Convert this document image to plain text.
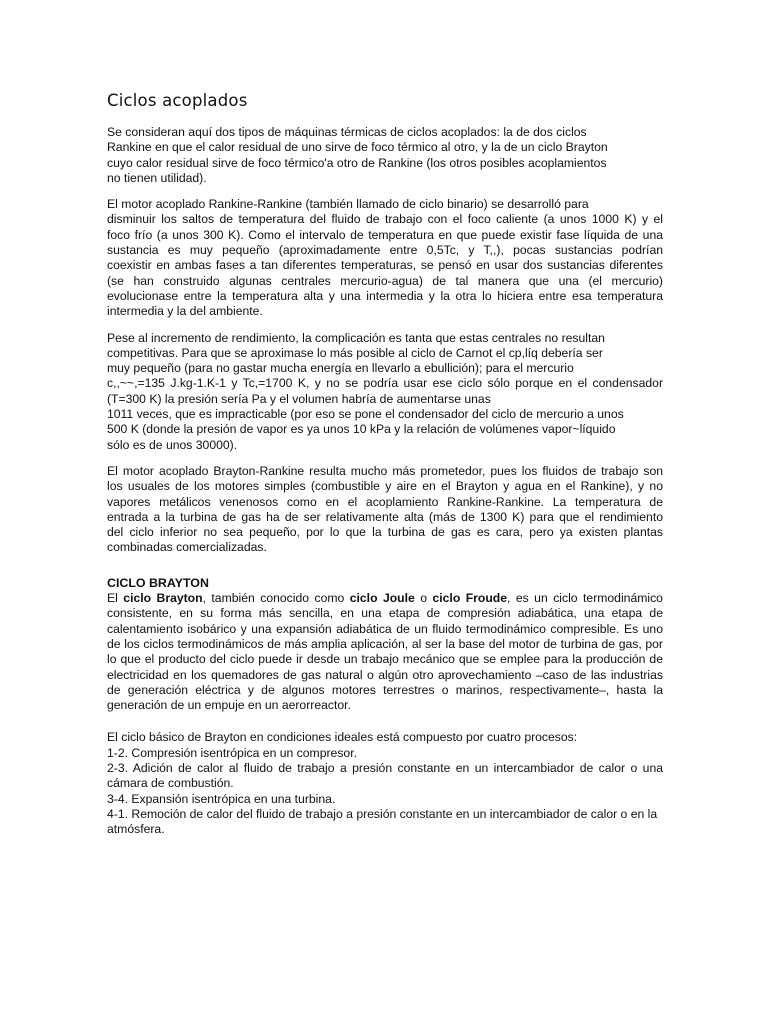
Ciclos acoplados

Se consideran aquí dos tipos de máquinas térmicas de ciclos acoplados: la de dos ciclos
Rankine en que el calor residual de uno sirve de foco térmico al otro, y la de un ciclo Brayton
cuyo calor residual sirve de foco térmico'a otro de Rankine (los otros posibles acoplamientos
no tienen utilidad).

El motor acoplado Rankine-Rankine (también llamado de ciclo binario) se desarrolló para
disminuir los saltos de temperatura del fluido de trabajo con el foco caliente (a unos 1000 K) y el
foco frío (a unos 300 K). Como el intervalo de temperatura en que puede existir fase líquida de una
sustancia es muy pequeño (aproximadamente entre 0,5Tc, y T,,), pocas sustancias podrían
coexistir en ambas fases a tan diferentes temperaturas, se pensó en usar dos sustancias diferentes
(se han construido algunas centrales mercurio-agua) de tal manera que una (el mercurio)
evolucionase entre la temperatura alta y una intermedia y la otra lo hiciera entre esa temperatura
intermedia y la del ambiente.

Pese al incremento de rendimiento, la complicación es tanta que estas centrales no resultan
competitivas. Para que se aproximase lo más posible al ciclo de Carnot el cp,líq debería ser
muy pequeño (para no gastar mucha energía en llevarlo a ebullición); para el mercurio
c,,~~,=135 J.kg-1.K-1 y Tc,=1700 K, y no se podría usar ese ciclo sólo porque en el condensador
(T=300 K) la presión sería Pa y el volumen habría de aumentarse unas
1011 veces, que es impracticable (por eso se pone el condensador del ciclo de mercurio a unos
500 K (donde la presión de vapor es ya unos 10 kPa y la relación de volúmenes vapor~líquido
sólo es de unos 30000).

El motor acoplado Brayton-Rankine resulta mucho más prometedor, pues los fluidos de trabajo son
los usuales de los motores simples (combustible y aire en el Brayton y agua en el Rankine), y no
vapores metálicos venenosos como en el acoplamiento Rankine-Rankine. La temperatura de
entrada a la turbina de gas ha de ser relativamente alta (más de 1300 K) para que el rendimiento
del ciclo inferior no sea pequeño, por lo que la turbina de gas es cara, pero ya existen plantas
combinadas comercializadas.

CICLO BRAYTON

El ciclo Brayton, también conocido como ciclo Joule o ciclo Froude, es un ciclo termodinámico consistente, en su forma más sencilla, en una etapa de compresión adiabática, una etapa de calentamiento isobárico y una expansión adiabática de un fluido termodinámico compresible. Es uno de los ciclos termodinámicos de más amplia aplicación, al ser la base del motor de turbina de gas, por lo que el producto del ciclo puede ir desde un trabajo mecánico que se emplee para la producción de electricidad en los quemadores de gas natural o algún otro aprovechamiento –caso de las industrias de generación eléctrica y de algunos motores terrestres o marinos, respectivamente–, hasta la generación de un empuje en un aerorreactor.

El ciclo básico de Brayton en condiciones ideales está compuesto por cuatro procesos:
1-2. Compresión isentrópica en un compresor.
2-3. Adición de calor al fluido de trabajo a presión constante en un intercambiador de calor o una cámara de combustión.
3-4. Expansión isentrópica en una turbina.
4-1. Remoción de calor del fluido de trabajo a presión constante en un intercambiador de calor o en la atmósfera.
